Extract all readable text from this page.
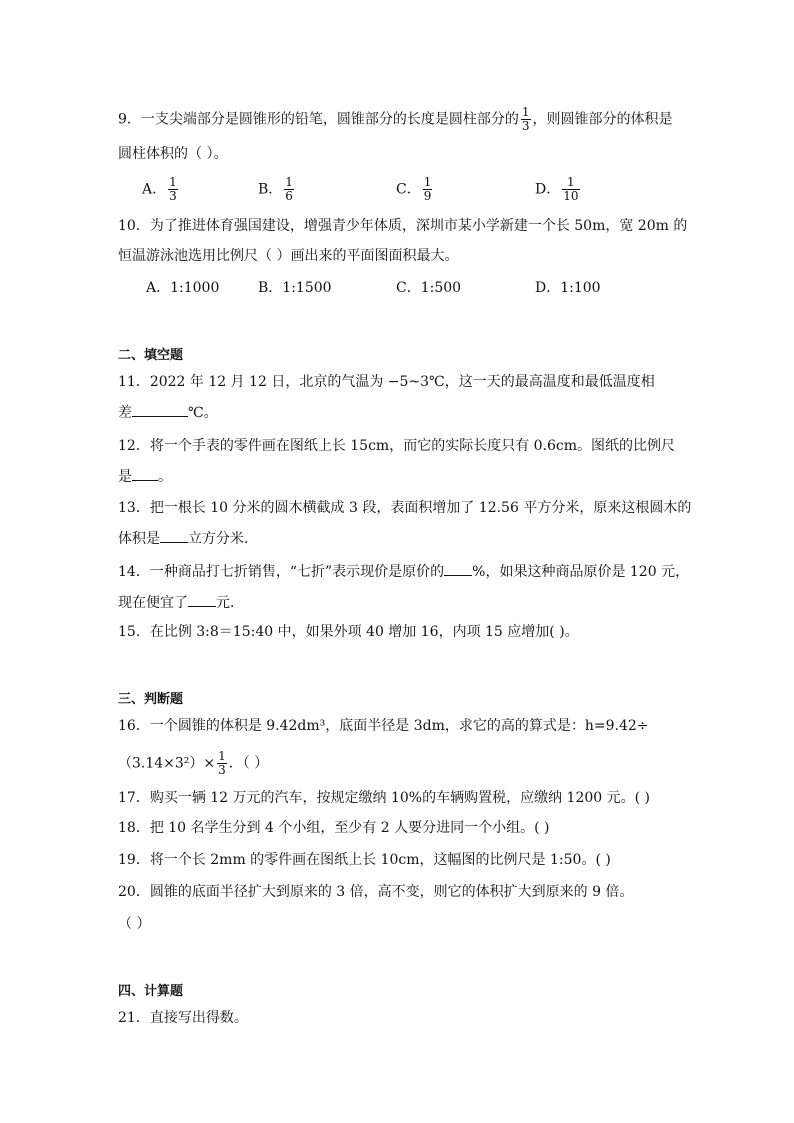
9．一支尖端部分是圆锥形的铅笔，圆锥部分的长度是圆柱部分的 $\frac{1}{3}$ ，则圆锥部分的体积是
圆柱体积的（ ）。
A． $\frac{1}{3}$	B． $\frac{1}{6}$	C． $\frac{1}{9}$	D． $\frac{1}{10}$
10．为了推进体育强国建设，增强青少年体质，深圳市某小学新建一个长 50m，宽 20m 的
恒温游泳池选用比例尺（ ）画出来的平面图面积最大。
A．1:1000	B．1:1500	C．1:500	D．1:100
二、填空题
11．2022 年 12 月 12 日，北京的气温为 −5~3℃，这一天的最高温度和最低温度相
差	℃。
12．将一个手表的零件画在图纸上长 15cm，而它的实际长度只有 0.6cm。图纸的比例尺
是 。
13．把一根长 10 分米的圆木横截成 3 段，表面积增加了 12.56 平方分米，原来这根圆木的
体积是 立方分米．
14．一种商品打七折销售，“七折”表示现价是原价的 %，如果这种商品原价是 120 元，
现在便宜了 元．
15．在比例 3:8＝15:40 中，如果外项 40 增加 16，内项 15 应增加( )。
三、判断题
16．一个圆锥的体积是 9.42dm³，底面半径是 3dm，求它的高的算式是：h=9.42÷
$(3.14\times 3^2)\times \frac{1}{3}$ ．（ ）
17．购买一辆 12 万元的汽车，按规定缴纳 10%的车辆购置税，应缴纳 1200 元。( )
18．把 10 名学生分到 4 个小组，至少有 2 人要分进同一个小组。( )
19．将一个长 2mm 的零件画在图纸上长 10cm，这幅图的比例尺是 1:50。( )
20．圆锥的底面半径扩大到原来的 3 倍，高不变，则它的体积扩大到原来的 9 倍。
（ ）
四、计算题
21．直接写出得数。
